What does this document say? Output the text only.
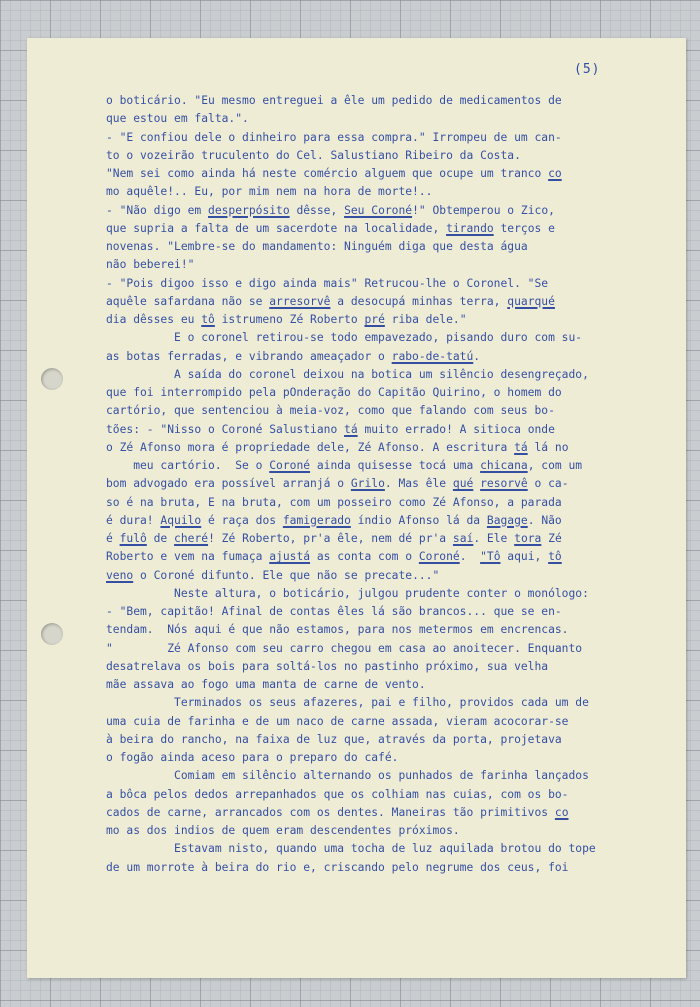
(5)
o boticário. "Eu mesmo entreguei a êle um pedido de medicamentos de
que estou em falta.".
- "E confiou dele o dinheiro para essa compra." Irrompeu de um can-
to o vozeirão truculento do Cel. Salustiano Ribeiro da Costa.
"Nem sei como ainda há neste comércio alguem que ocupe um tranco co
mo aquêle!.. Eu, por mim nem na hora de morte!..
- "Não digo em desperpósito dêsse, Seu Coroné!" Obtemperou o Zico,
que supria a falta de um sacerdote na localidade, tirando terços e
novenas. "Lembre-se do mandamento: Ninguém diga que desta água
não beberei!"
- "Pois digoo isso e digo ainda mais" Retrucou-lhe o Coronel. "Se
aquêle safardana não se arresorvê a desocupá minhas terra, quarqué
dia dêsses eu tô istrumeno Zé Roberto pré riba dele."
E o coronel retirou-se todo empavezado, pisando duro com su-
as botas ferradas, e vibrando ameaçador o rabo-de-tatú.
A saída do coronel deixou na botica um silêncio desengreçado,
que foi interrompido pela pOnderação do Capitão Quirino, o homem do
cartório, que sentenciou à meia-voz, como que falando com seus bo-
tões: - "Nisso o Coroné Salustiano tá muito errado! A sitioca onde
o Zé Afonso mora é propriedade dele, Zé Afonso. A escritura tá lá no
meu cartório.  Se o Coroné ainda quisesse tocá uma chicana, com um
bom advogado era possível arranjá o Grilo. Mas êle qué resorvê o ca-
so é na bruta, E na bruta, com um posseiro como Zé Afonso, a parada
é dura! Aquilo é raça dos famigerado índio Afonso lá da Bagage. Não
é fulô de cheré! Zé Roberto, pr'a êle, nem dé pr'a saí. Ele tora Zé
Roberto e vem na fumaça ajustá as conta com o Coroné.  "Tô aqui, tô
veno o Coroné difunto. Ele que não se precate..."
Neste altura, o boticário, julgou prudente conter o monólogo:
- "Bem, capitão! Afinal de contas êles lá são brancos... que se en-
tendam.  Nós aqui é que não estamos, para nos metermos em encrencas.
"        Zé Afonso com seu carro chegou em casa ao anoitecer. Enquanto
desatrelava os bois para soltá-los no pastinho próximo, sua velha
mãe assava ao fogo uma manta de carne de vento.
Terminados os seus afazeres, pai e filho, providos cada um de
uma cuia de farinha e de um naco de carne assada, vieram acocorar-se
à beira do rancho, na faixa de luz que, através da porta, projetava
o fogão ainda aceso para o preparo do café.
Comiam em silêncio alternando os punhados de farinha lançados
a bôca pelos dedos arrepanhados que os colhiam nas cuias, com os bo-
cados de carne, arrancados com os dentes. Maneiras tão primitivos co
mo as dos indios de quem eram descendentes próximos.
Estavam nisto, quando uma tocha de luz aquilada brotou do tope
de um morrote à beira do rio e, criscando pelo negrume dos ceus, foi
